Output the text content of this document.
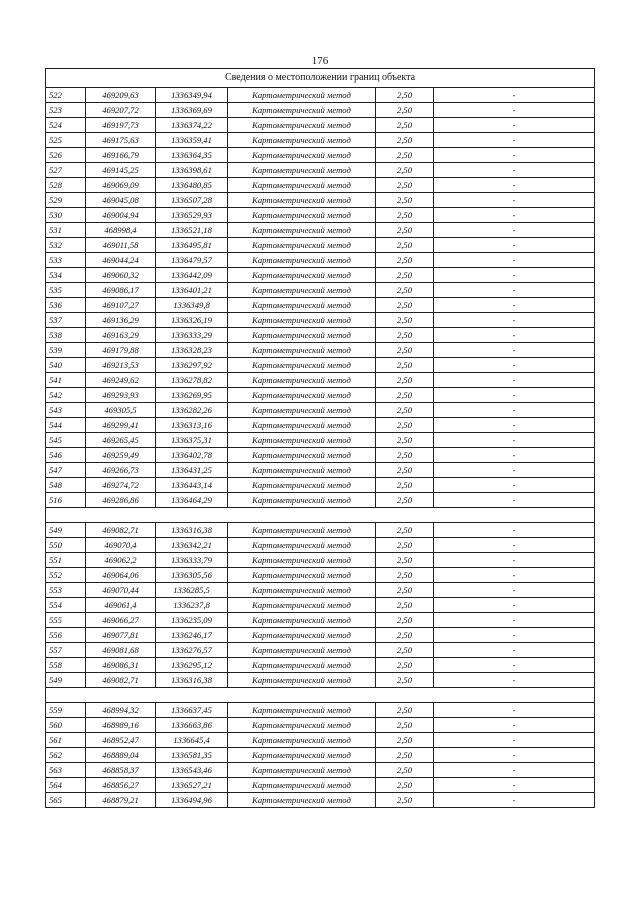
176
Сведения о местоположении границ объекта					
522	469209,63	1336349,94	Картометрический метод	2,50	-
523	469207,72	1336369,69	Картометрический метод	2,50	-
524	469197,73	1336374,22	Картометрический метод	2,50	-
525	469175,63	1336359,41	Картометрический метод	2,50	-
526	469166,79	1336364,35	Картометрический метод	2,50	-
527	469145,25	1336398,61	Картометрический метод	2,50	-
528	469069,09	1336480,85	Картометрический метод	2,50	-
529	469045,08	1336507,28	Картометрический метод	2,50	-
530	469004,94	1336529,93	Картометрический метод	2,50	-
531	468998,4	1336521,18	Картометрический метод	2,50	-
532	469011,58	1336495,81	Картометрический метод	2,50	-
533	469044,24	1336479,57	Картометрический метод	2,50	-
534	469060,32	1336442,09	Картометрический метод	2,50	-
535	469086,17	1336401,21	Картометрический метод	2,50	-
536	469107,27	1336349,8	Картометрический метод	2,50	-
537	469136,29	1336326,19	Картометрический метод	2,50	-
538	469163,29	1336333,29	Картометрический метод	2,50	-
539	469179,88	1336328,23	Картометрический метод	2,50	-
540	469213,53	1336297,92	Картометрический метод	2,50	-
541	469249,62	1336278,82	Картометрический метод	2,50	-
542	469293,93	1336269,95	Картометрический метод	2,50	-
543	469305,5	1336282,26	Картометрический метод	2,50	-
544	469299,41	1336313,16	Картометрический метод	2,50	-
545	469265,45	1336375,31	Картометрический метод	2,50	-
546	469259,49	1336402,78	Картометрический метод	2,50	-
547	469266,73	1336431,25	Картометрический метод	2,50	-
548	469274,72	1336443,14	Картометрический метод	2,50	-
516	469286,86	1336464,29	Картометрический метод	2,50	-

549	469082,71	1336316,38	Картометрический метод	2,50	-
550	469070,4	1336342,21	Картометрический метод	2,50	-
551	469062,2	1336333,79	Картометрический метод	2,50	-
552	469064,06	1336305,56	Картометрический метод	2,50	-
553	469070,44	1336285,5	Картометрический метод	2,50	-
554	469061,4	1336237,8	Картометрический метод	2,50	-
555	469066,27	1336235,09	Картометрический метод	2,50	-
556	469077,81	1336246,17	Картометрический метод	2,50	-
557	469081,68	1336276,57	Картометрический метод	2,50	-
558	469086,31	1336295,12	Картометрический метод	2,50	-
549	469082,71	1336316,38	Картометрический метод	2,50	-

559	468994,32	1336637,45	Картометрический метод	2,50	-
560	468989,16	1336663,86	Картометрический метод	2,50	-
561	468952,47	1336645,4	Картометрический метод	2,50	-
562	468889,04	1336581,35	Картометрический метод	2,50	-
563	468858,37	1336543,46	Картометрический метод	2,50	-
564	468856,27	1336527,21	Картометрический метод	2,50	-
565	468879,21	1336494,96	Картометрический метод	2,50	-
